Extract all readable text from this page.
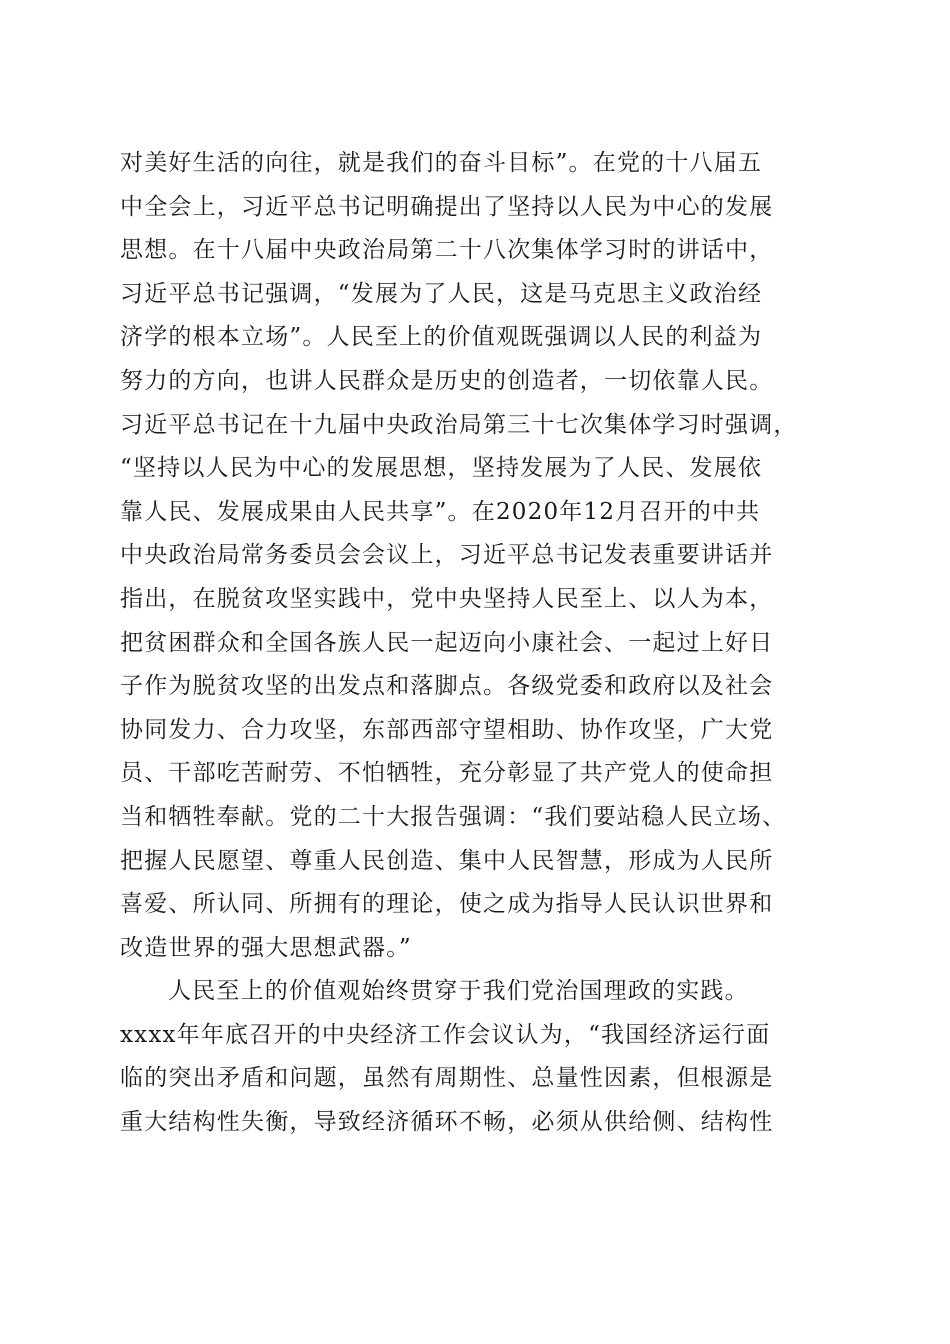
对美好生活的向往，就是我们的奋斗目标”。在党的十八届五
中全会上，习近平总书记明确提出了坚持以人民为中心的发展
思想。在十八届中央政治局第二十八次集体学习时的讲话中，
习近平总书记强调，“发展为了人民，这是马克思主义政治经
济学的根本立场”。人民至上的价值观既强调以人民的利益为
努力的方向，也讲人民群众是历史的创造者，一切依靠人民。
习近平总书记在十九届中央政治局第三十七次集体学习时强调，
“坚持以人民为中心的发展思想，坚持发展为了人民、发展依
靠人民、发展成果由人民共享”。在2020年12月召开的中共
中央政治局常务委员会会议上，习近平总书记发表重要讲话并
指出，在脱贫攻坚实践中，党中央坚持人民至上、以人为本，
把贫困群众和全国各族人民一起迈向小康社会、一起过上好日
子作为脱贫攻坚的出发点和落脚点。各级党委和政府以及社会
协同发力、合力攻坚，东部西部守望相助、协作攻坚，广大党
员、干部吃苦耐劳、不怕牺牲，充分彰显了共产党人的使命担
当和牺牲奉献。党的二十大报告强调：“我们要站稳人民立场、
把握人民愿望、尊重人民创造、集中人民智慧，形成为人民所
喜爱、所认同、所拥有的理论，使之成为指导人民认识世界和
改造世界的强大思想武器。”
人民至上的价值观始终贯穿于我们党治国理政的实践。
xxxx年年底召开的中央经济工作会议认为，“我国经济运行面
临的突出矛盾和问题，虽然有周期性、总量性因素，但根源是
重大结构性失衡，导致经济循环不畅，必须从供给侧、结构性
